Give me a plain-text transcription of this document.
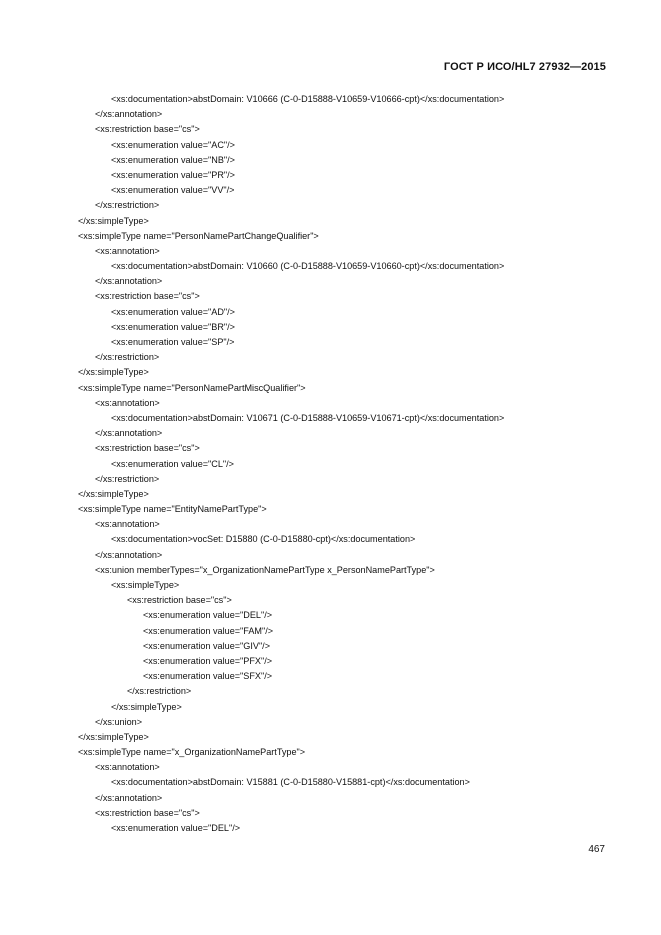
ГОСТ Р ИСО/HL7 27932—2015
<xs:documentation>abstDomain: V10666 (C-0-D15888-V10659-V10666-cpt)</xs:documentation>
</xs:annotation>
<xs:restriction base="cs">
<xs:enumeration value="AC"/>
<xs:enumeration value="NB"/>
<xs:enumeration value="PR"/>
<xs:enumeration value="VV"/>
</xs:restriction>
</xs:simpleType>
<xs:simpleType name="PersonNamePartChangeQualifier">
<xs:annotation>
<xs:documentation>abstDomain: V10660 (C-0-D15888-V10659-V10660-cpt)</xs:documentation>
</xs:annotation>
<xs:restriction base="cs">
<xs:enumeration value="AD"/>
<xs:enumeration value="BR"/>
<xs:enumeration value="SP"/>
</xs:restriction>
</xs:simpleType>
<xs:simpleType name="PersonNamePartMiscQualifier">
<xs:annotation>
<xs:documentation>abstDomain: V10671 (C-0-D15888-V10659-V10671-cpt)</xs:documentation>
</xs:annotation>
<xs:restriction base="cs">
<xs:enumeration value="CL"/>
</xs:restriction>
</xs:simpleType>
<xs:simpleType name="EntityNamePartType">
<xs:annotation>
<xs:documentation>vocSet: D15880 (C-0-D15880-cpt)</xs:documentation>
</xs:annotation>
<xs:union memberTypes="x_OrganizationNamePartType x_PersonNamePartType">
<xs:simpleType>
<xs:restriction base="cs">
<xs:enumeration value="DEL"/>
<xs:enumeration value="FAM"/>
<xs:enumeration value="GIV"/>
<xs:enumeration value="PFX"/>
<xs:enumeration value="SFX"/>
</xs:restriction>
</xs:simpleType>
</xs:union>
</xs:simpleType>
<xs:simpleType name="x_OrganizationNamePartType">
<xs:annotation>
<xs:documentation>abstDomain: V15881 (C-0-D15880-V15881-cpt)</xs:documentation>
</xs:annotation>
<xs:restriction base="cs">
<xs:enumeration value="DEL"/>
467
